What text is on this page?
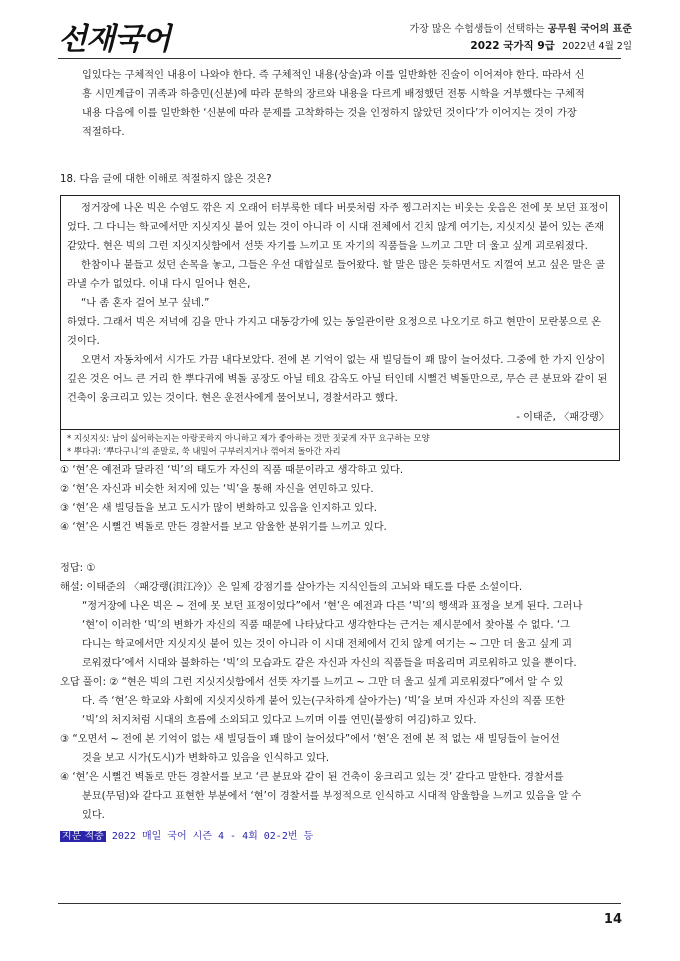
선재국어	가장 많은 수험생들이 선택하는 공무원 국어의 표준
2022 국가직 9급 2022년 4월 2일

입있다는 구체적인 내용이 나와야 한다. 즉 구체적인 내용(상술)과 이를 일반화한 진술이 이어져야 한다. 따라서 신

흥 시민계급이 귀족과 하층민(신분)에 따라 문학의 장르와 내용을 다르게 배정했던 전통 시학을 거부했다는 구체적

내용 다음에 이를 일반화한 ‘신분에 따라 문제를 고착화하는 것을 인정하지 않았던 것이다’가 이어지는 것이 가장

적절하다.

18. 다음 글에 대한 이해로 적절하지 않은 것은?

정거장에 나온 빅은 수염도 깎은 지 오래어 터부룩한 데다 버릇처럼 자주 찡그러지는 비웃는 웃음은 전에 못 보던 표정이었다. 그 다니는 학교에서만 지싯지싯 붙어 있는 것이 아니라 이 시대 전체에서 긴치 않게 여기는, 지싯지싯 붙어 있는 존재 같았다. 현은 빅의 그런 지싯지싯함에서 선뜻 자기를 느끼고 또 자기의 직품들을 느끼고 그만 더 울고 싶게 괴로워졌다.

한참이나 붙들고 섰던 손목을 놓고, 그들은 우선 대합실로 들어왔다. 할 말은 많은 듯하면서도 지껄여 보고 싶은 말은 골라낼 수가 없었다. 이내 다시 일어나 현은,

“나 좀 혼자 걸어 보구 싶네.”

하였다. 그래서 빅은 저녁에 김을 만나 가지고 대동강가에 있는 동일관이란 요정으로 나오기로 하고 현만이 모란봉으로 온 것이다.

오면서 자동차에서 시가도 가끔 내다보았다. 전에 본 기억이 없는 새 빌딩들이 꽤 많이 늘어섰다. 그중에 한 가지 인상이 깊은 것은 어느 큰 거리 한 뿌다귀에 벽돌 공장도 아닐 테요 감옥도 아닐 터인데 시뻘건 벽돌만으로, 무슨 큰 분묘와 같이 된 건축이 웅크리고 있는 것이다. 현은 운전사에게 물어보니, 경찰서라고 했다.

- 이태준, 〈패강랭〉

* 지싯지싯: 남이 싫어하는지는 아랑곳하지 아니하고 제가 좋아하는 것만 짓궂게 자꾸 요구하는 모양
* 뿌다귀: ‘뿌다구니’의 준말로, 쑥 내밀어 구부러지거나 꺾어져 돌아간 자리

① ‘현’은 예전과 달라진 ‘빅’의 태도가 자신의 직품 때문이라고 생각하고 있다.

② ‘현’은 자신과 비슷한 처지에 있는 ‘빅’을 통해 자신을 연민하고 있다.

③ ‘현’은 새 빌딩들을 보고 도시가 많이 변화하고 있음을 인지하고 있다.

④ ‘현’은 시뻘건 벽돌로 만든 경찰서를 보고 암울한 분위기를 느끼고 있다.

정답: ①

해설: 이태준의 〈패강랭(浿江冷)〉은 일제 강점기를 살아가는 지식인들의 고뇌와 태도를 다룬 소설이다.

“정거장에 나온 빅은 ~ 전에 못 보던 표정이었다”에서 ‘현’은 예전과 다른 ‘빅’의 행색과 표정을 보게 된다. 그러나

‘현’이 이러한 ‘빅’의 변화가 자신의 직품 때문에 나타났다고 생각한다는 근거는 제시문에서 찾아볼 수 없다. ‘그

다니는 학교에서만 지싯지싯 붙어 있는 것이 아니라 이 시대 전체에서 긴치 않게 여기는 ~ 그만 더 울고 싶게 괴

로워졌다’에서 시대와 불화하는 ‘빅’의 모습과도 같은 자신과 자신의 직품들을 떠올리며 괴로워하고 있을 뿐이다.

오답 풀이: ② “현은 빅의 그런 지싯지싯함에서 선뜻 자기를 느끼고 ~ 그만 더 울고 싶게 괴로워졌다”에서 알 수 있

다. 즉 ‘현’은 학교와 사회에 지싯지싯하게 붙어 있는(구차하게 살아가는) ‘빅’을 보며 자신과 자신의 직품 또한

‘빅’의 처지처럼 시대의 흐름에 소외되고 있다고 느끼며 이를 연민(불쌍히 여김)하고 있다.

③ “오면서 ~ 전에 본 기억이 없는 새 빌딩들이 꽤 많이 늘어섰다”에서 ‘현’은 전에 본 적 없는 새 빌딩들이 늘어선

것을 보고 시가(도시)가 변화하고 있음을 인식하고 있다.

④ ‘현’은 시뻘건 벽돌로 만든 경찰서를 보고 ‘큰 분묘와 같이 된 건축이 웅크리고 있는 것’ 같다고 말한다. 경찰서를

분묘(무덤)와 같다고 표현한 부분에서 ‘현’이 경찰서를 부정적으로 인식하고 시대적 암울함을 느끼고 있음을 알 수

있다.

지문 적중 2022 매일 국어 시즌 4 - 4회 02-2번 등

14
